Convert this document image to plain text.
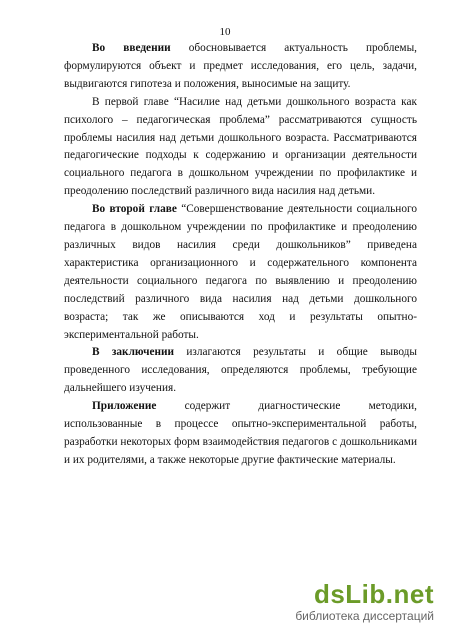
10

Во введении обосновывается актуальность проблемы, формулируются объект и предмет исследования, его цель, задачи, выдвигаются гипотеза и положения, выносимые на защиту.

В первой главе “Насилие над детьми дошкольного возраста как психолого – педагогическая проблема” рассматриваются сущность проблемы насилия над детьми дошкольного возраста. Рассматриваются педагогические подходы к содержанию и организации деятельности социального педагога в дошкольном учреждении по профилактике и преодолению последствий различного вида насилия над детьми.

Во второй главе “Совершенствование деятельности социального педагога в дошкольном учреждении по профилактике и преодолению различных видов насилия среди дошкольников” приведена характеристика организационного и содержательного компонента деятельности социального педагога по выявлению и преодолению последствий различного вида насилия над детьми дошкольного возраста; так же описываются ход и результаты опытно-экспериментальной работы.

В заключении излагаются результаты и общие выводы проведенного исследования, определяются проблемы, требующие дальнейшего изучения.

Приложение содержит диагностические методики, использованные в процессе опытно-экспериментальной работы, разработки некоторых форм взаимодействия педагогов с дошкольниками и их родителями, а также некоторые другие фактические материалы.

dsLib.net
библиотека диссертаций
